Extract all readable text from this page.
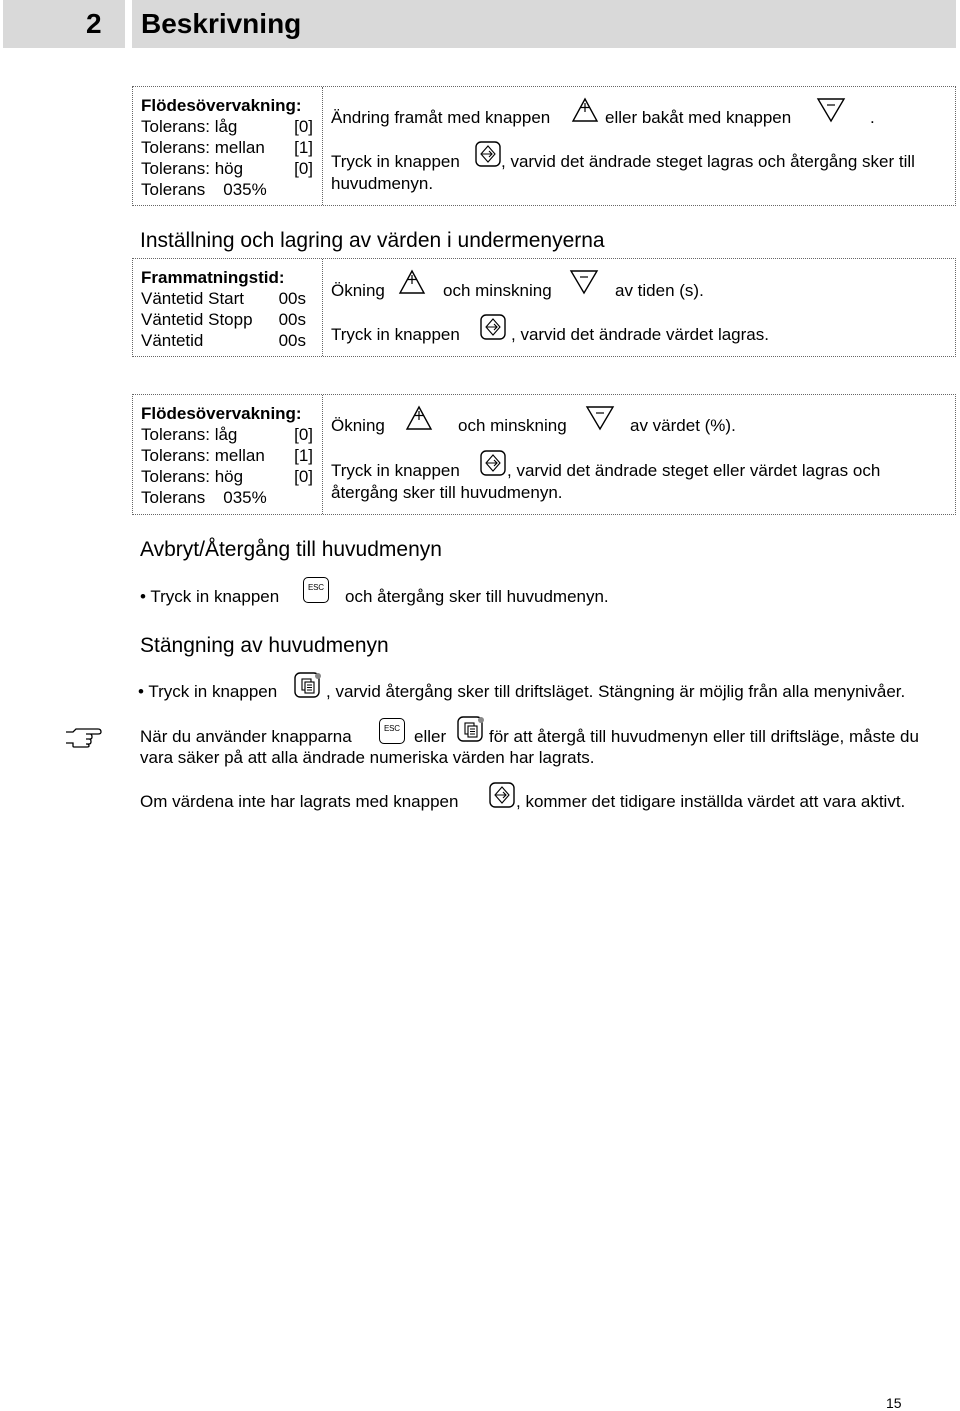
2 Beskrivning
Flödesövervakning:
Tolerans: låg	[0]
Tolerans: mellan	[1]
Tolerans: hög	[0]
Tolerans	035%
Ändring framåt med knappen	eller bakåt med knappen	.
Tryck in knappen , varvid det ändrade steget lagras och återgång sker till
huvudmenyn.
Inställning och lagring av värden i undermenyerna
Frammatningstid:
Väntetid Start	00s
Väntetid Stopp	00s
Väntetid	00s
Ökning	och minskning	av tiden (s).
Tryck in knappen	, varvid det ändrade värdet lagras.
Flödesövervakning:
Tolerans: låg	[0]
Tolerans: mellan	[1]
Tolerans: hög	[0]
Tolerans	035%
Ökning	och minskning	av värdet (%).
Tryck in knappen	, varvid det ändrade steget eller värdet lagras och
återgång sker till huvudmenyn.
Avbryt/Återgång till huvudmenyn
• Tryck in knappen	ESC och återgång sker till huvudmenyn.
Stängning av huvudmenyn
• Tryck in knappen	, varvid återgång sker till driftsläget. Stängning är möjlig från alla menynivåer.
När du använder knapparna	ESC eller	för att återgå till huvudmenyn eller till driftsläge, måste du
vara säker på att alla ändrade numeriska värden har lagrats.
Om värdena inte har lagrats med knappen	, kommer det tidigare inställda värdet att vara aktivt.
15
